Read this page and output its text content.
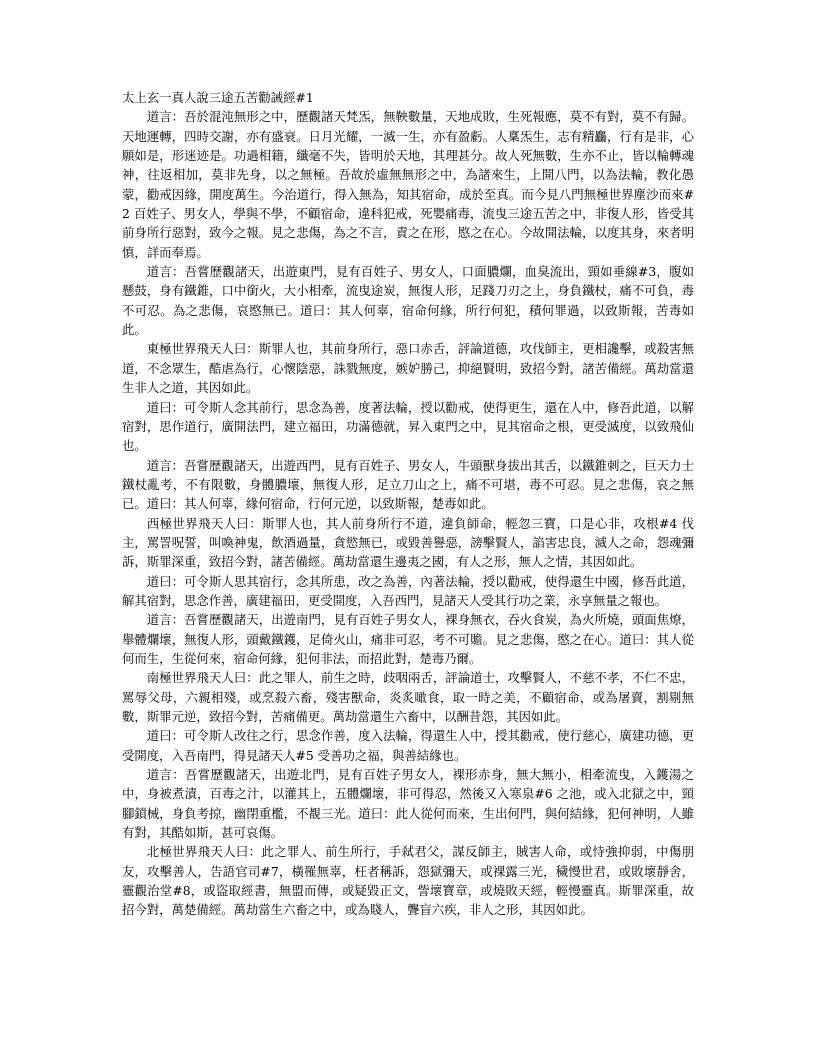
太上玄一真人說三途五苦勸誡經#1

道言：吾於混沌無形之中，歷觀諸天梵炁，無鞅數量，天地成敗，生死報應，莫不有對，莫不有歸。天地運轉，四時交謝，亦有盛衰。日月光耀，一滅一生，亦有盈虧。人稟炁生，志有精麤，行有是非，心願如是，形迷迹是。功過相籍，纖毫不失，皆明於天地，其理甚分。故人死無數，生亦不止，皆以輪轉魂神，往返相加，莫非先身，以之無極。吾故於虛無無形之中，為諸來生，上開八門，以為法輪，教化愚蒙，勸戒因緣，開度萬生。今治道行，得入無為，知其宿命，成於至真。而今見八門無極世界塵沙而來#2 百姓子、男女人，學與不學，不顧宿命，違科犯戒，死嬰痛毒，流曳三途五苦之中，非復人形，皆受其前身所行惡對，致今之報。見之悲傷，為之不言，責之在形，愍之在心。今故開法輪，以度其身，來者明慎，詳而奉焉。

道言：吾嘗歷觀諸天，出遊東門，見有百姓子、男女人，口面膿爛，血臭流出，頸如垂線#3，腹如懸鼓，身有鐵錐，口中銜火，大小相牽，流曳途炭，無復人形，足踐刀刃之上，身負鐵杖，痛不可負，毒不可忍。為之悲傷，哀愍無已。道曰：其人何辜，宿命何緣，所行何犯，積何罪過，以致斯報，苦毒如此。

東極世界飛天人曰：斯罪人也，其前身所行，惡口赤舌，評論道德，攻伐師主，更相讒擊，或殺害無道，不念眾生，酷虐為行，心懷陰惡，誅戮無度，嫉妒勝己，抑絕賢明，致招今對，諸苦備經。萬劫當還生非人之道，其因如此。

道曰：可令斯人念其前行，思念為善，度著法輪，授以勸戒，使得更生，還在人中，修吾此道，以解宿對，思作道行，廣開法門，建立福田，功滿德就，昇入東門之中，見其宿命之根，更受滅度，以致飛仙也。

道言：吾嘗歷觀諸天，出遊西門，見有百姓子、男女人，牛頭獸身拔出其舌，以鐵錐刺之，巨天力士鐵杖亂考，不有限數，身體膿壞，無復人形，足立刀山之上，痛不可堪，毒不可忍。見之悲傷，哀之無已。道曰：其人何辜，緣何宿命，行何元逆，以致斯報，楚毒如此。

西極世界飛天人曰：斯罪人也，其人前身所行不道，違負師命，輕忽三寶，口是心非，攻根#4 伐主，罵詈呪誓，叫喚神鬼，飲酒過量，貪慾無已，或毀善譽惡，謗擊賢人，諂害忠良，滅人之命，怨魂彌訴，斯罪深重，致招今對，諸苦備經。萬劫當還生邊夷之國，有人之形，無人之情，其因如此。

道曰：可令斯人思其宿行，念其所患，改之為善，內著法輪，授以勸戒，使得還生中國，修吾此道，解其宿對，思念作善，廣建福田，更受開度，入吾西門，見諸天人受其行功之業，永享無量之報也。

道言：吾嘗歷觀諸天，出遊南門，見有百姓子男女人，裸身無衣，吞火食炭，為火所燒，頭面焦燎，舉體爛壞，無復人形，頭戴鐵鑊，足倚火山，痛非可忍，考不可贍。見之悲傷，愍之在心。道曰：其人從何而生，生從何來，宿命何緣，犯何非法，而招此對，楚毒乃爾。

南極世界飛天人曰：此之罪人，前生之時，歧咽兩舌，評論道士，攻擊賢人，不慈不孝，不仁不忠，罵辱父母，六親相殘，或烹殺六畜，殘害獸命，炎炙噉食，取一時之美，不顧宿命，或為屠賣，割剔無數，斯罪元逆，致招今對，苦痛備更。萬劫當還生六畜中，以酬昔怨，其因如此。

道曰：可令斯人改往之行，思念作善，度入法輪，得還生人中，授其勸戒，使行慈心，廣建功德，更受開度，入吾南門，得見諸天人#5 受善功之福，與善結緣也。

道言：吾嘗歷觀諸天，出遊北門，見有百姓子男女人，裸形赤身，無大無小，相牽流曳，入鑊湯之中，身被煮漬，百毒之汁，以灌其上，五體爛壞，非可得忍，然後又入寒泉#6 之池，或入北獄之中，頸腳鎖械，身負考掠，幽閉重檻，不覩三光。道曰：此人從何而來，生出何門，與何結緣，犯何神明，人雖有對，其酷如斯，甚可哀傷。

北極世界飛天人曰：此之罪人、前生所行，手弒君父，謀反師主，賊害人命，或恃強抑弱，中傷朋友，攻擊善人，告語官司#7，橫罹無辜，枉者稱訴，怨獄彌天，或裸露三光，穢慢世君，或敗壞靜舍，靈觀治堂#8，或盜取經書，無盟而傳，或疑毀正文，訾壞寶章，或燒敗天經，輕慢靈真。斯罪深重，故招今對，萬楚備經。萬劫當生六畜之中，或為賤人，聾盲六疾，非人之形，其因如此。
